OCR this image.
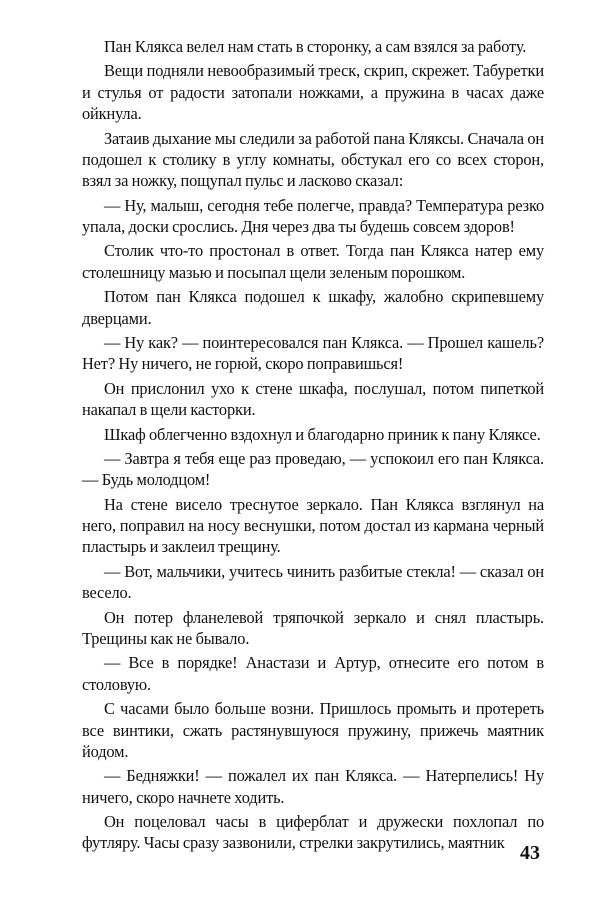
Пан Клякса велел нам стать в сторонку, а сам взялся за работу.

Вещи подняли невообразимый треск, скрип, скрежет. Табуретки и стулья от радости затопали ножками, а пружина в часах даже ойкнула.

Затаив дыхание мы следили за работой пана Кляксы. Сначала он подошел к столику в углу комнаты, обстукал его со всех сторон, взял за ножку, пощупал пульс и ласково сказал:

— Ну, малыш, сегодня тебе полегче, правда? Температура резко упала, доски срослись. Дня через два ты будешь совсем здоров!

Столик что-то простонал в ответ. Тогда пан Клякса натер ему столешницу мазью и посыпал щели зеленым порошком.

Потом пан Клякса подошел к шкафу, жалобно скрипевшему дверцами.

— Ну как? — поинтересовался пан Клякса. — Прошел кашель? Нет? Ну ничего, не горюй, скоро поправишься!

Он прислонил ухо к стене шкафа, послушал, потом пипеткой накапал в щели касторки.

Шкаф облегченно вздохнул и благодарно приник к пану Кляксе.

— Завтра я тебя еще раз проведаю, — успокоил его пан Клякса. — Будь молодцом!

На стене висело треснутое зеркало. Пан Клякса взглянул на него, поправил на носу веснушки, потом достал из кармана черный пластырь и заклеил трещину.

— Вот, мальчики, учитесь чинить разбитые стекла! — сказал он весело.

Он потер фланелевой тряпочкой зеркало и снял пластырь. Трещины как не бывало.

— Все в порядке! Анастази и Артур, отнесите его потом в столовую.

С часами было больше возни. Пришлось промыть и протереть все винтики, сжать растянувшуюся пружину, прижечь маятник йодом.

— Бедняжки! — пожалел их пан Клякса. — Натерпелись! Ну ничего, скоро начнете ходить.

Он поцеловал часы в циферблат и дружески похлопал по футляру. Часы сразу зазвонили, стрелки закрутились, маятник 43
